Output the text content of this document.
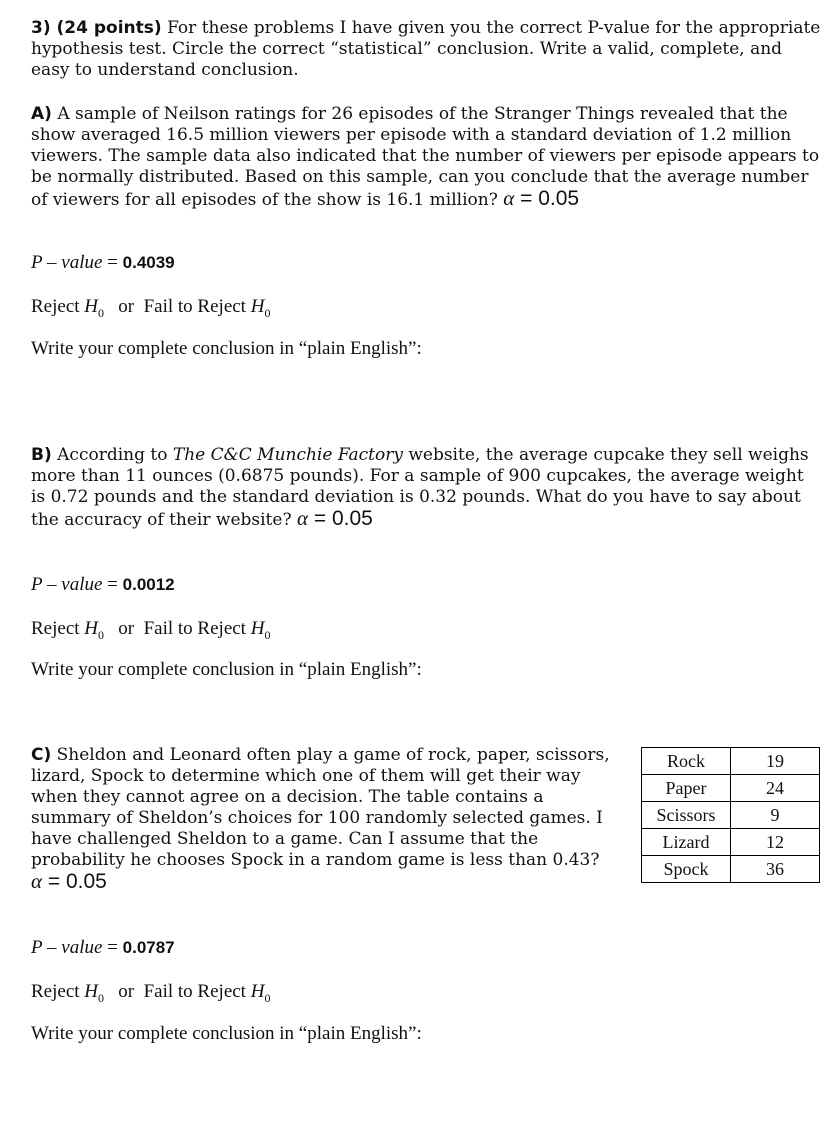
3) (24 points) For these problems I have given you the correct P-value for the appropriate hypothesis test. Circle the correct “statistical” conclusion. Write a valid, complete, and easy to understand conclusion.
A) A sample of Neilson ratings for 26 episodes of the Stranger Things revealed that the show averaged 16.5 million viewers per episode with a standard deviation of 1.2 million viewers. The sample data also indicated that the number of viewers per episode appears to be normally distributed. Based on this sample, can you conclude that the average number of viewers for all episodes of the show is 16.1 million? α = 0.05
P – value = 0.4039
Reject $H_0$ or Fail to Reject $H_0$
Write your complete conclusion in “plain English”:
B) According to The C&C Munchie Factory website, the average cupcake they sell weighs more than 11 ounces (0.6875 pounds). For a sample of 900 cupcakes, the average weight is 0.72 pounds and the standard deviation is 0.32 pounds. What do you have to say about the accuracy of their website? α = 0.05
P – value = 0.0012
Reject $H_0$ or Fail to Reject $H_0$
Write your complete conclusion in “plain English”:
C) Sheldon and Leonard often play a game of rock, paper, scissors, lizard, Spock to determine which one of them will get their way when they cannot agree on a decision. The table contains a summary of Sheldon’s choices for 100 randomly selected games. I have challenged Sheldon to a game. Can I assume that the probability he chooses Spock in a random game is less than 0.43?
α = 0.05
Rock	19
Paper	24
Scissors	9
Lizard	12
Spock	36
P – value = 0.0787
Reject $H_0$ or Fail to Reject $H_0$
Write your complete conclusion in “plain English”:
